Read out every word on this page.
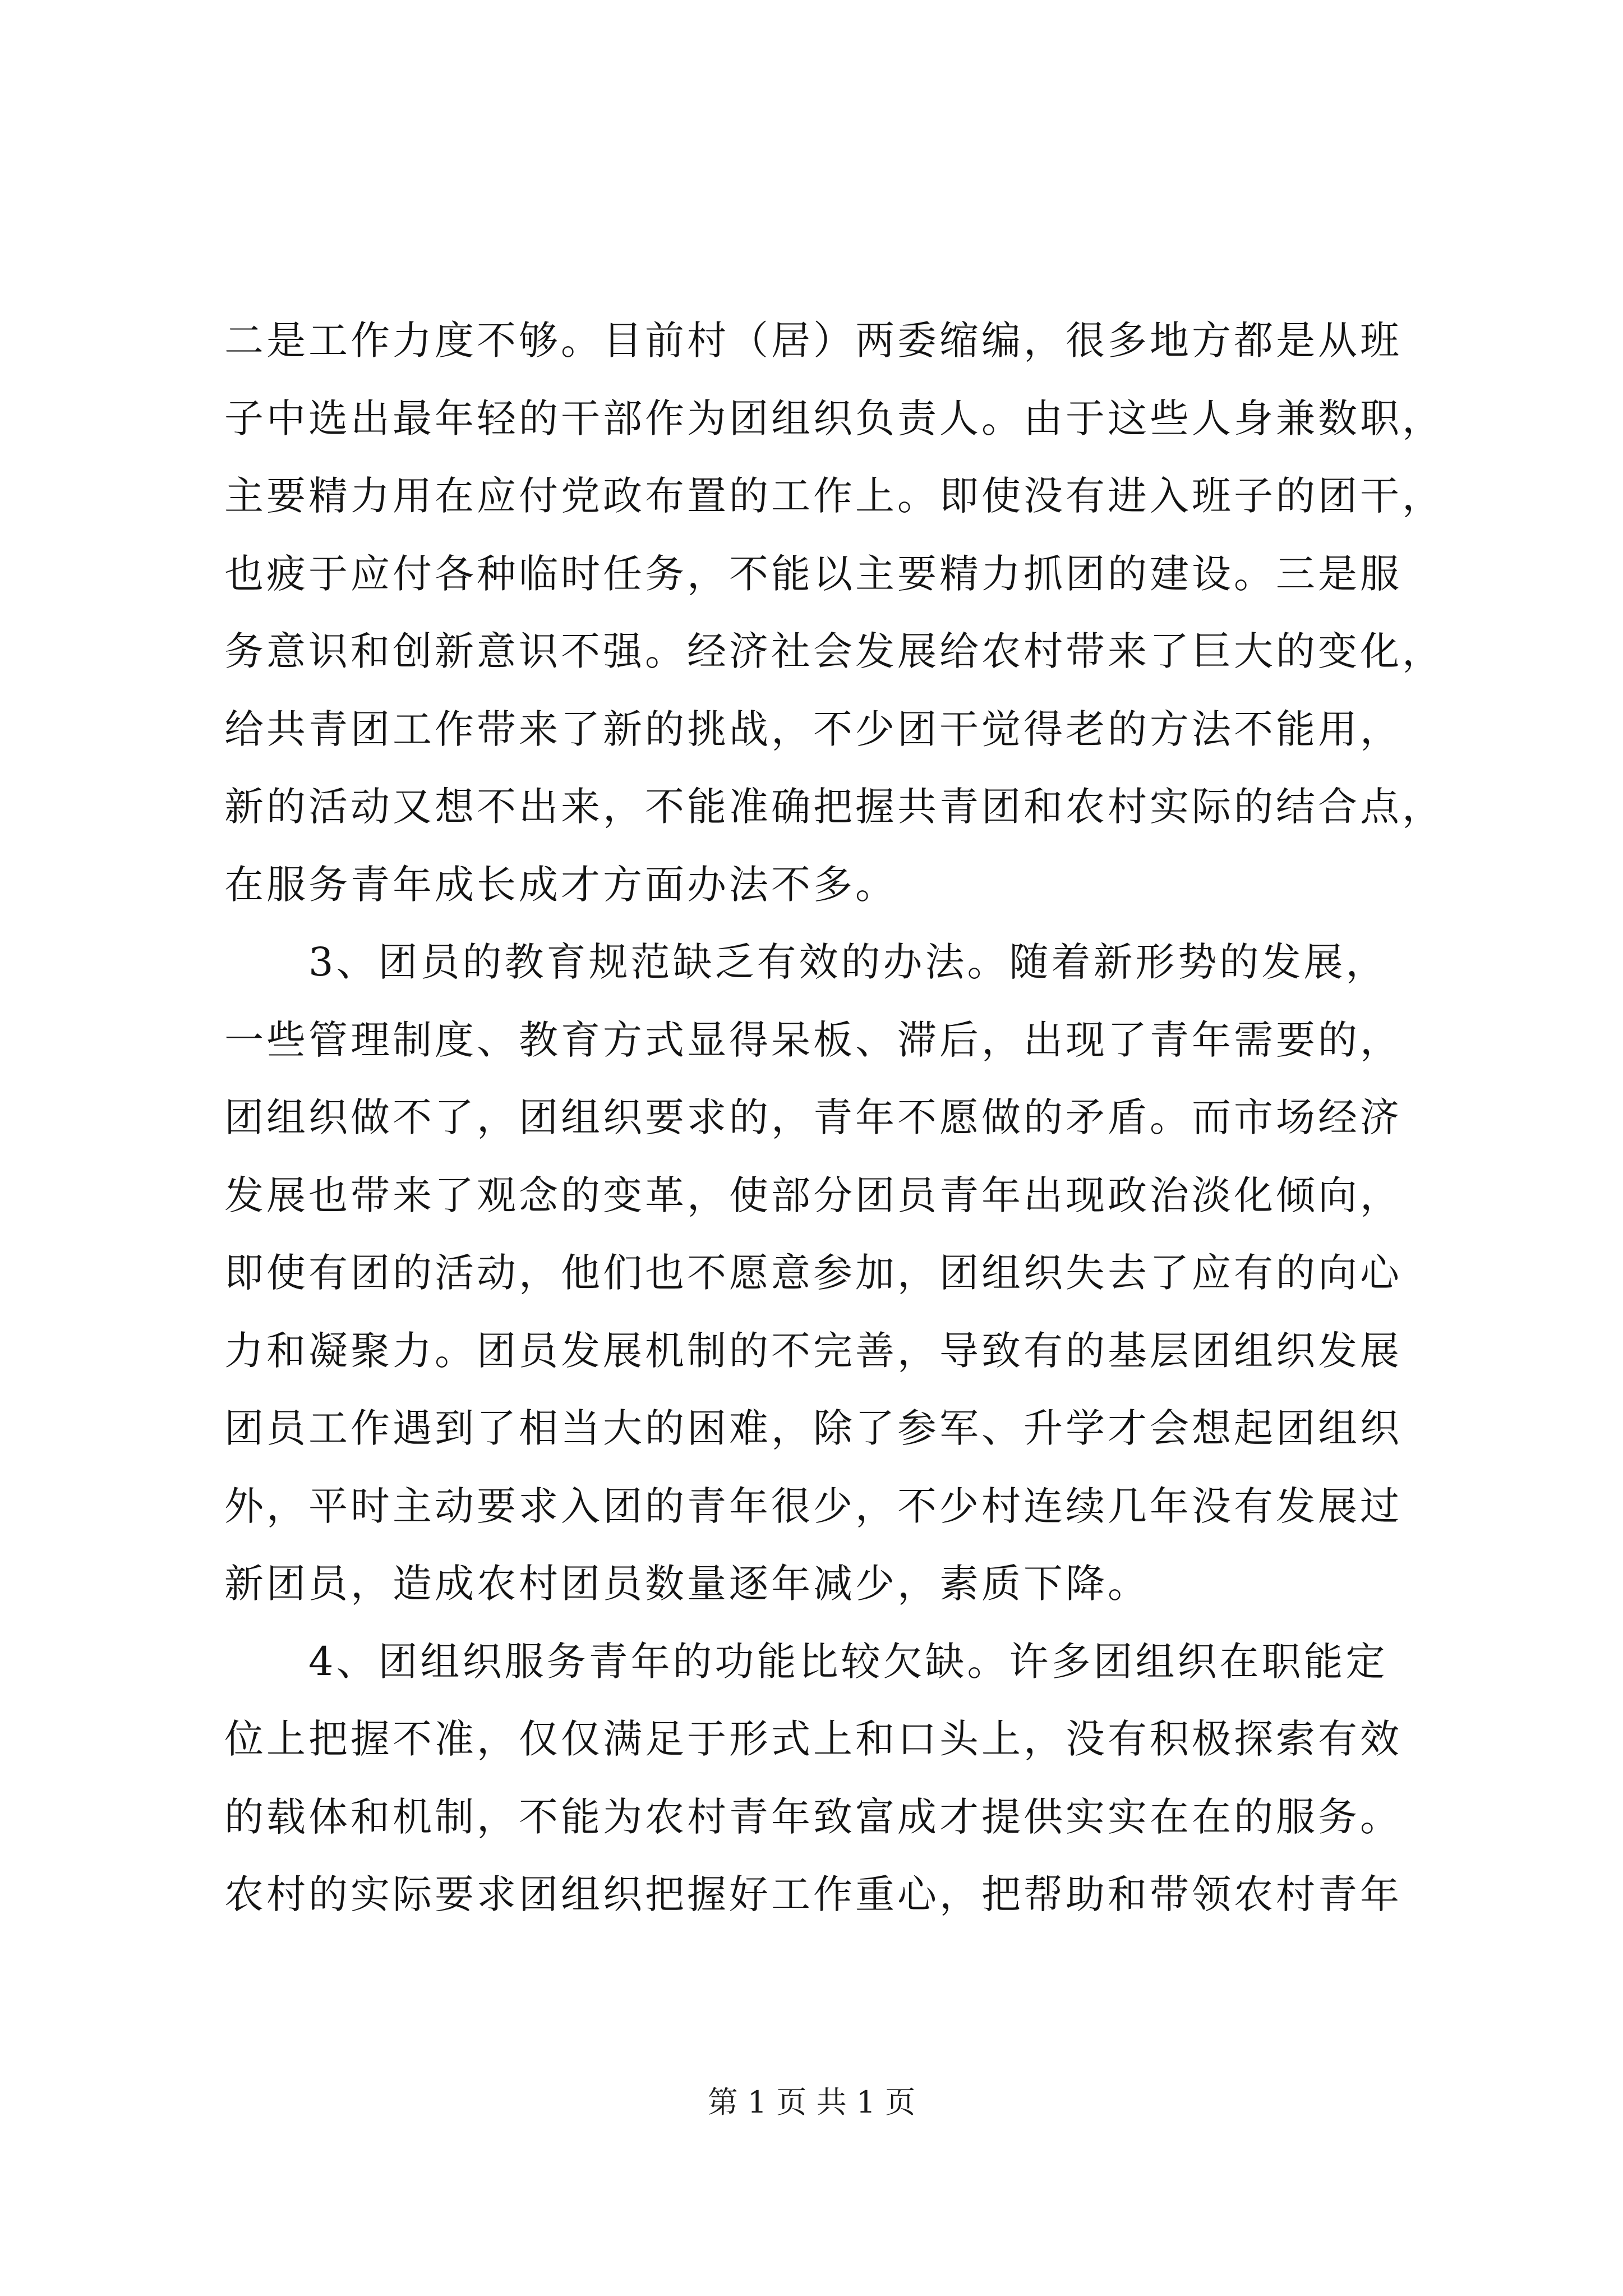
二是工作力度不够。目前村（居）两委缩编，很多地方都是从班
子中选出最年轻的干部作为团组织负责人。由于这些人身兼数职，
主要精力用在应付党政布置的工作上。即使没有进入班子的团干，
也疲于应付各种临时任务，不能以主要精力抓团的建设。三是服
务意识和创新意识不强。经济社会发展给农村带来了巨大的变化，
给共青团工作带来了新的挑战，不少团干觉得老的方法不能用，
新的活动又想不出来，不能准确把握共青团和农村实际的结合点，
在服务青年成长成才方面办法不多。
　　3、团员的教育规范缺乏有效的办法。随着新形势的发展，
一些管理制度、教育方式显得呆板、滞后，出现了青年需要的，
团组织做不了，团组织要求的，青年不愿做的矛盾。而市场经济
发展也带来了观念的变革，使部分团员青年出现政治淡化倾向，
即使有团的活动，他们也不愿意参加，团组织失去了应有的向心
力和凝聚力。团员发展机制的不完善，导致有的基层团组织发展
团员工作遇到了相当大的困难，除了参军、升学才会想起团组织
外，平时主动要求入团的青年很少，不少村连续几年没有发展过
新团员，造成农村团员数量逐年减少，素质下降。
　　4、团组织服务青年的功能比较欠缺。许多团组织在职能定
位上把握不准，仅仅满足于形式上和口头上，没有积极探索有效
的载体和机制，不能为农村青年致富成才提供实实在在的服务。
农村的实际要求团组织把握好工作重心，把帮助和带领农村青年
第 1 页 共 1 页
